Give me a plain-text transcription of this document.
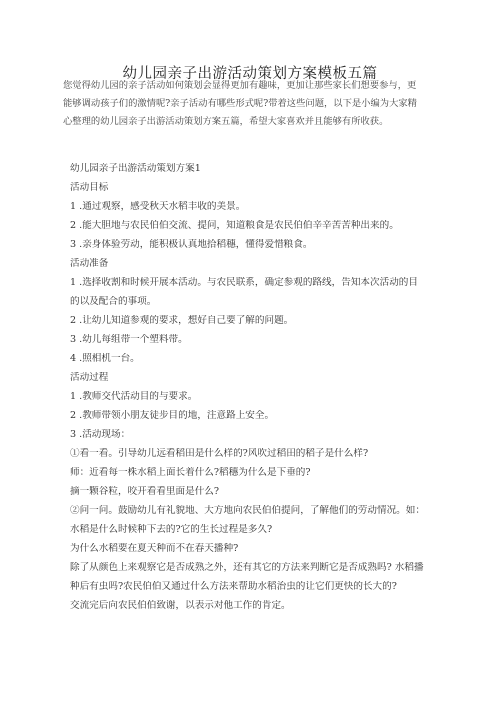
幼儿园亲子出游活动策划方案模板五篇
您觉得幼儿园的亲子活动如何策划会显得更加有趣味，更加让那些家长们想要参与，更
能够调动孩子们的激情呢?亲子活动有哪些形式呢?带着这些问题，以下是小编为大家精
心整理的幼儿园亲子出游活动策划方案五篇，希望大家喜欢并且能够有所收获。
幼儿园亲子出游活动策划方案1
活动目标
1 .通过观察，感受秋天水稻丰收的美景。
2 .能大胆地与农民伯伯交流、提问，知道粮食是农民伯伯辛辛苦苦种出来的。
3 .亲身体验劳动，能积极认真地拾稻穗，懂得爱惜粮食。
活动准备
1 .选择收割和时候开展本活动。与农民联系，确定参观的路线，告知本次活动的目
的以及配合的事项。
2 .让幼儿知道参观的要求，想好自己要了解的问题。
3 .幼儿每组带一个塑料带。
4 .照相机一台。
活动过程
1 .教师交代活动目的与要求。
2 .教师带领小朋友徒步目的地，注意路上安全。
3 .活动现场：
①看一看。引导幼儿远看稻田是什么样的?风吹过稻田的稻子是什么样?
师：近看每一株水稻上面长着什么?稻穗为什么是下垂的?
摘一颗谷粒，咬开看看里面是什么?
②问一问。鼓励幼儿有礼貌地、大方地向农民伯伯提问，了解他们的劳动情况。如：
水稻是什么时候种下去的?它的生长过程是多久?
为什么水稻要在夏天种而不在春天播种?
除了从颜色上来观察它是否成熟之外，还有其它的方法来判断它是否成熟吗? 水稻播
种后有虫吗?农民伯伯又通过什么方法来帮助水稻治虫的让它们更快的长大的?
交流完后向农民伯伯致谢，以表示对他工作的肯定。
